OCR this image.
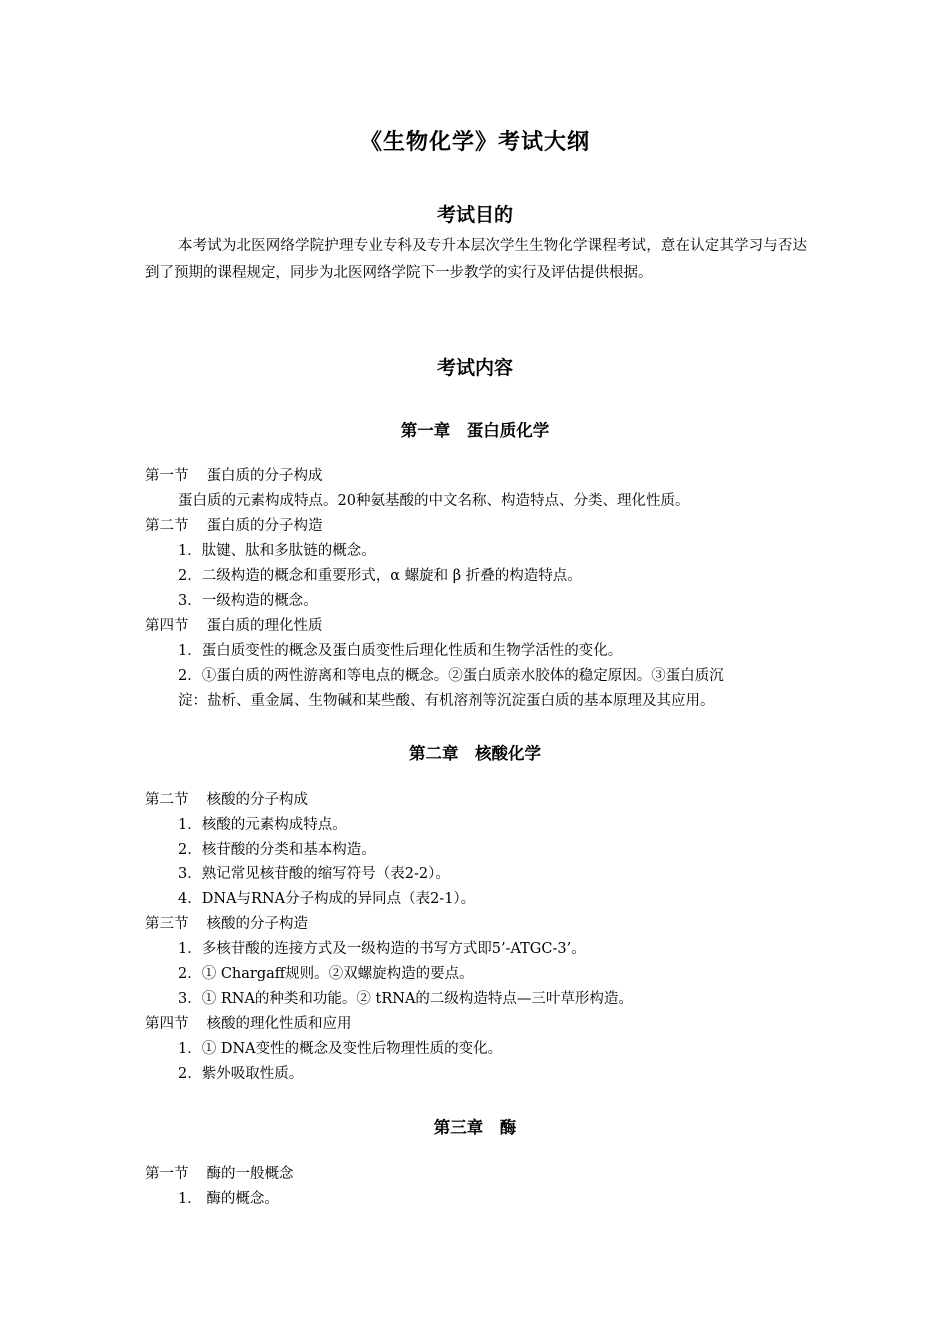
《生物化学》考试大纲
考试目的

本考试为北医网络学院护理专业专科及专升本层次学生生物化学课程考试，意在认定其学习与否达到了预期的课程规定，同步为北医网络学院下一步教学的实行及评估提供根据。

考试内容
第一章　蛋白质化学
第一节 蛋白质的分子构成
蛋白质的元素构成特点。20种氨基酸的中文名称、构造特点、分类、理化性质。
第二节 蛋白质的分子构造
1．肽键、肽和多肽链的概念。
2．二级构造的概念和重要形式，α 螺旋和 β 折叠的构造特点。
3．一级构造的概念。
第四节 蛋白质的理化性质
1．蛋白质变性的概念及蛋白质变性后理化性质和生物学活性的变化。
2．①蛋白质的两性游离和等电点的概念。②蛋白质亲水胶体的稳定原因。③蛋白质沉
淀：盐析、重金属、生物碱和某些酸、有机溶剂等沉淀蛋白质的基本原理及其应用。
第二章　核酸化学
第二节 核酸的分子构成
1．核酸的元素构成特点。
2．核苷酸的分类和基本构造。
3．熟记常见核苷酸的缩写符号（表2-2）。
4．DNA与RNA分子构成的异同点（表2-1）。
第三节 核酸的分子构造
1．多核苷酸的连接方式及一级构造的书写方式即5’-ATGC-3’。
2．① Chargaff规则。②双螺旋构造的要点。
3．① RNA的种类和功能。② tRNA的二级构造特点—三叶草形构造。
第四节 核酸的理化性质和应用
1．① DNA变性的概念及变性后物理性质的变化。
2．紫外吸取性质。
第三章　酶
第一节 酶的一般概念
1． 酶的概念。
